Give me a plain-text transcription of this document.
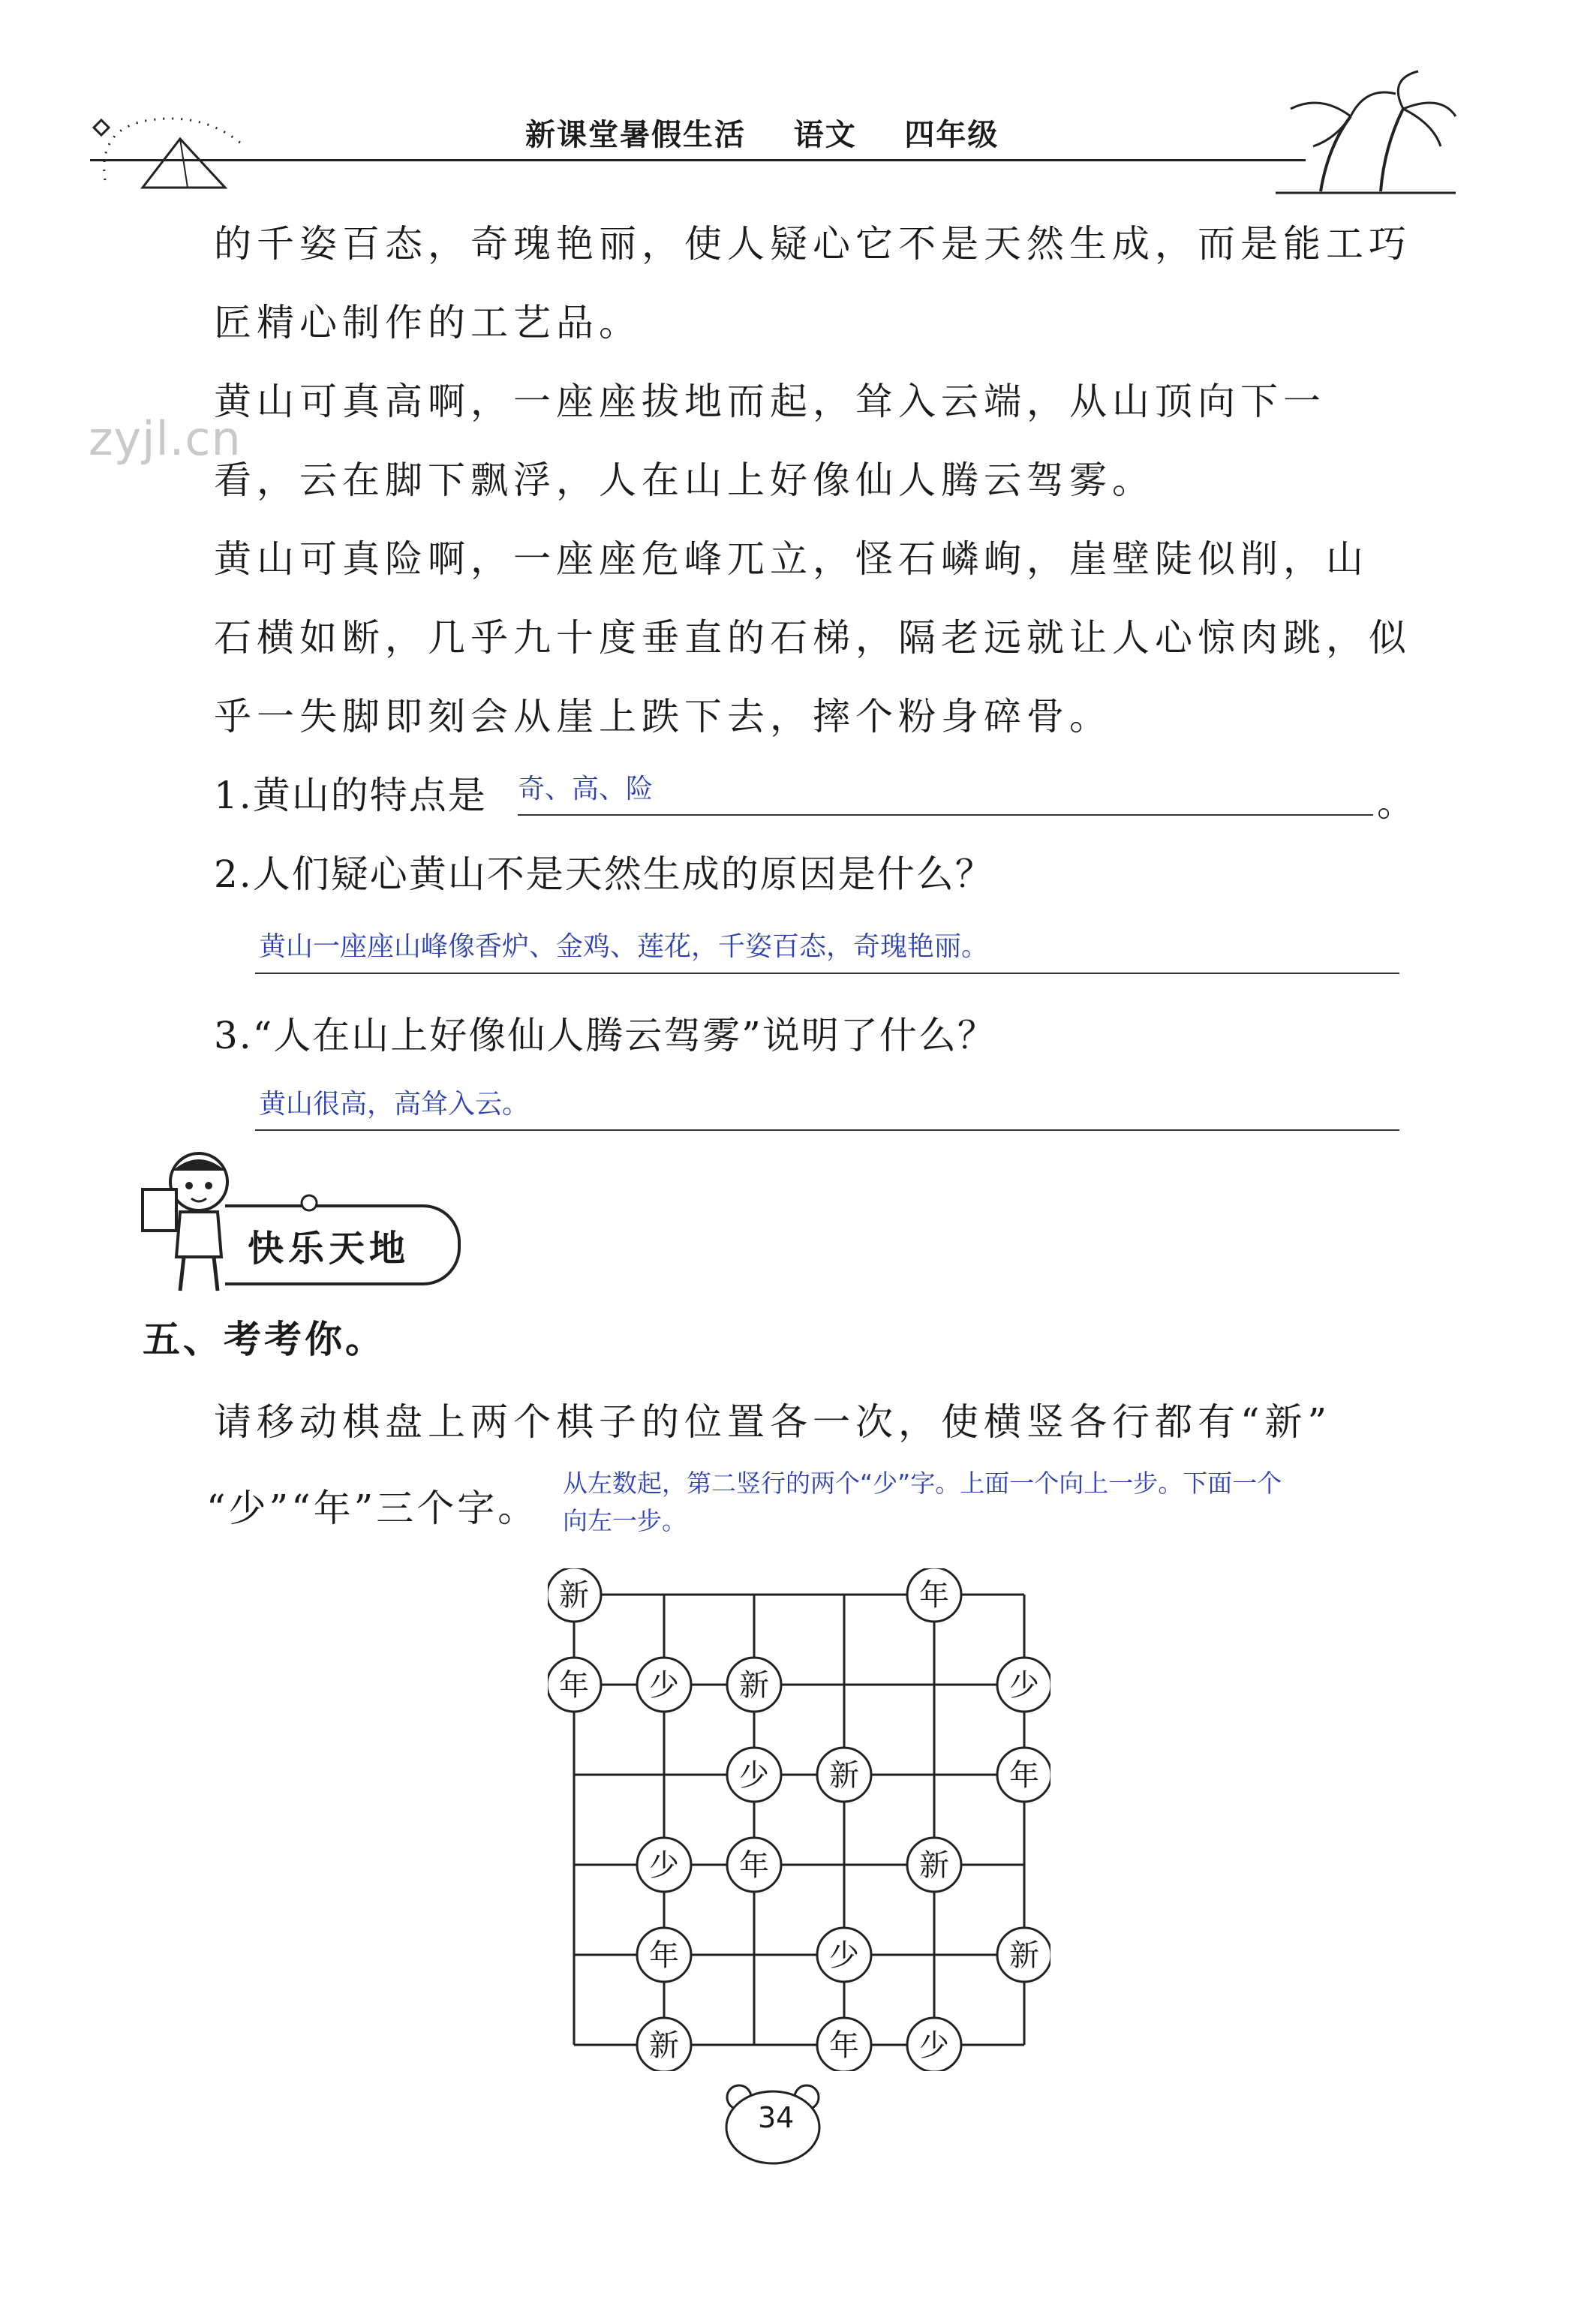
新课堂暑假生活    语文    四年级
zyjl.cn
的千姿百态，奇瑰艳丽，使人疑心它不是天然生成，而是能工巧
匠精心制作的工艺品。
黄山可真高啊，一座座拔地而起，耸入云端，从山顶向下一
看，云在脚下飘浮，人在山上好像仙人腾云驾雾。
黄山可真险啊，一座座危峰兀立，怪石嶙峋，崖壁陡似削，山
石横如断，几乎九十度垂直的石梯，隔老远就让人心惊肉跳，似
乎一失脚即刻会从崖上跌下去，摔个粉身碎骨。
1.黄山的特点是 奇、高、险	。
2.人们疑心黄山不是天然生成的原因是什么？
黄山一座座山峰像香炉、金鸡、莲花，千姿百态，奇瑰艳丽。
3.“人在山上好像仙人腾云驾雾”说明了什么？
黄山很高，高耸入云。
快乐天地
五、考考你。
请移动棋盘上两个棋子的位置各一次，使横竖各行都有“新”
“少”“年”三个字。
从左数起，第二竖行的两个“少”字。上面一个向上一步。下面一个
向左一步。
新	年
年 少 新	少
少 新	年
少 年	新
年	少	新
新	年 少
34
